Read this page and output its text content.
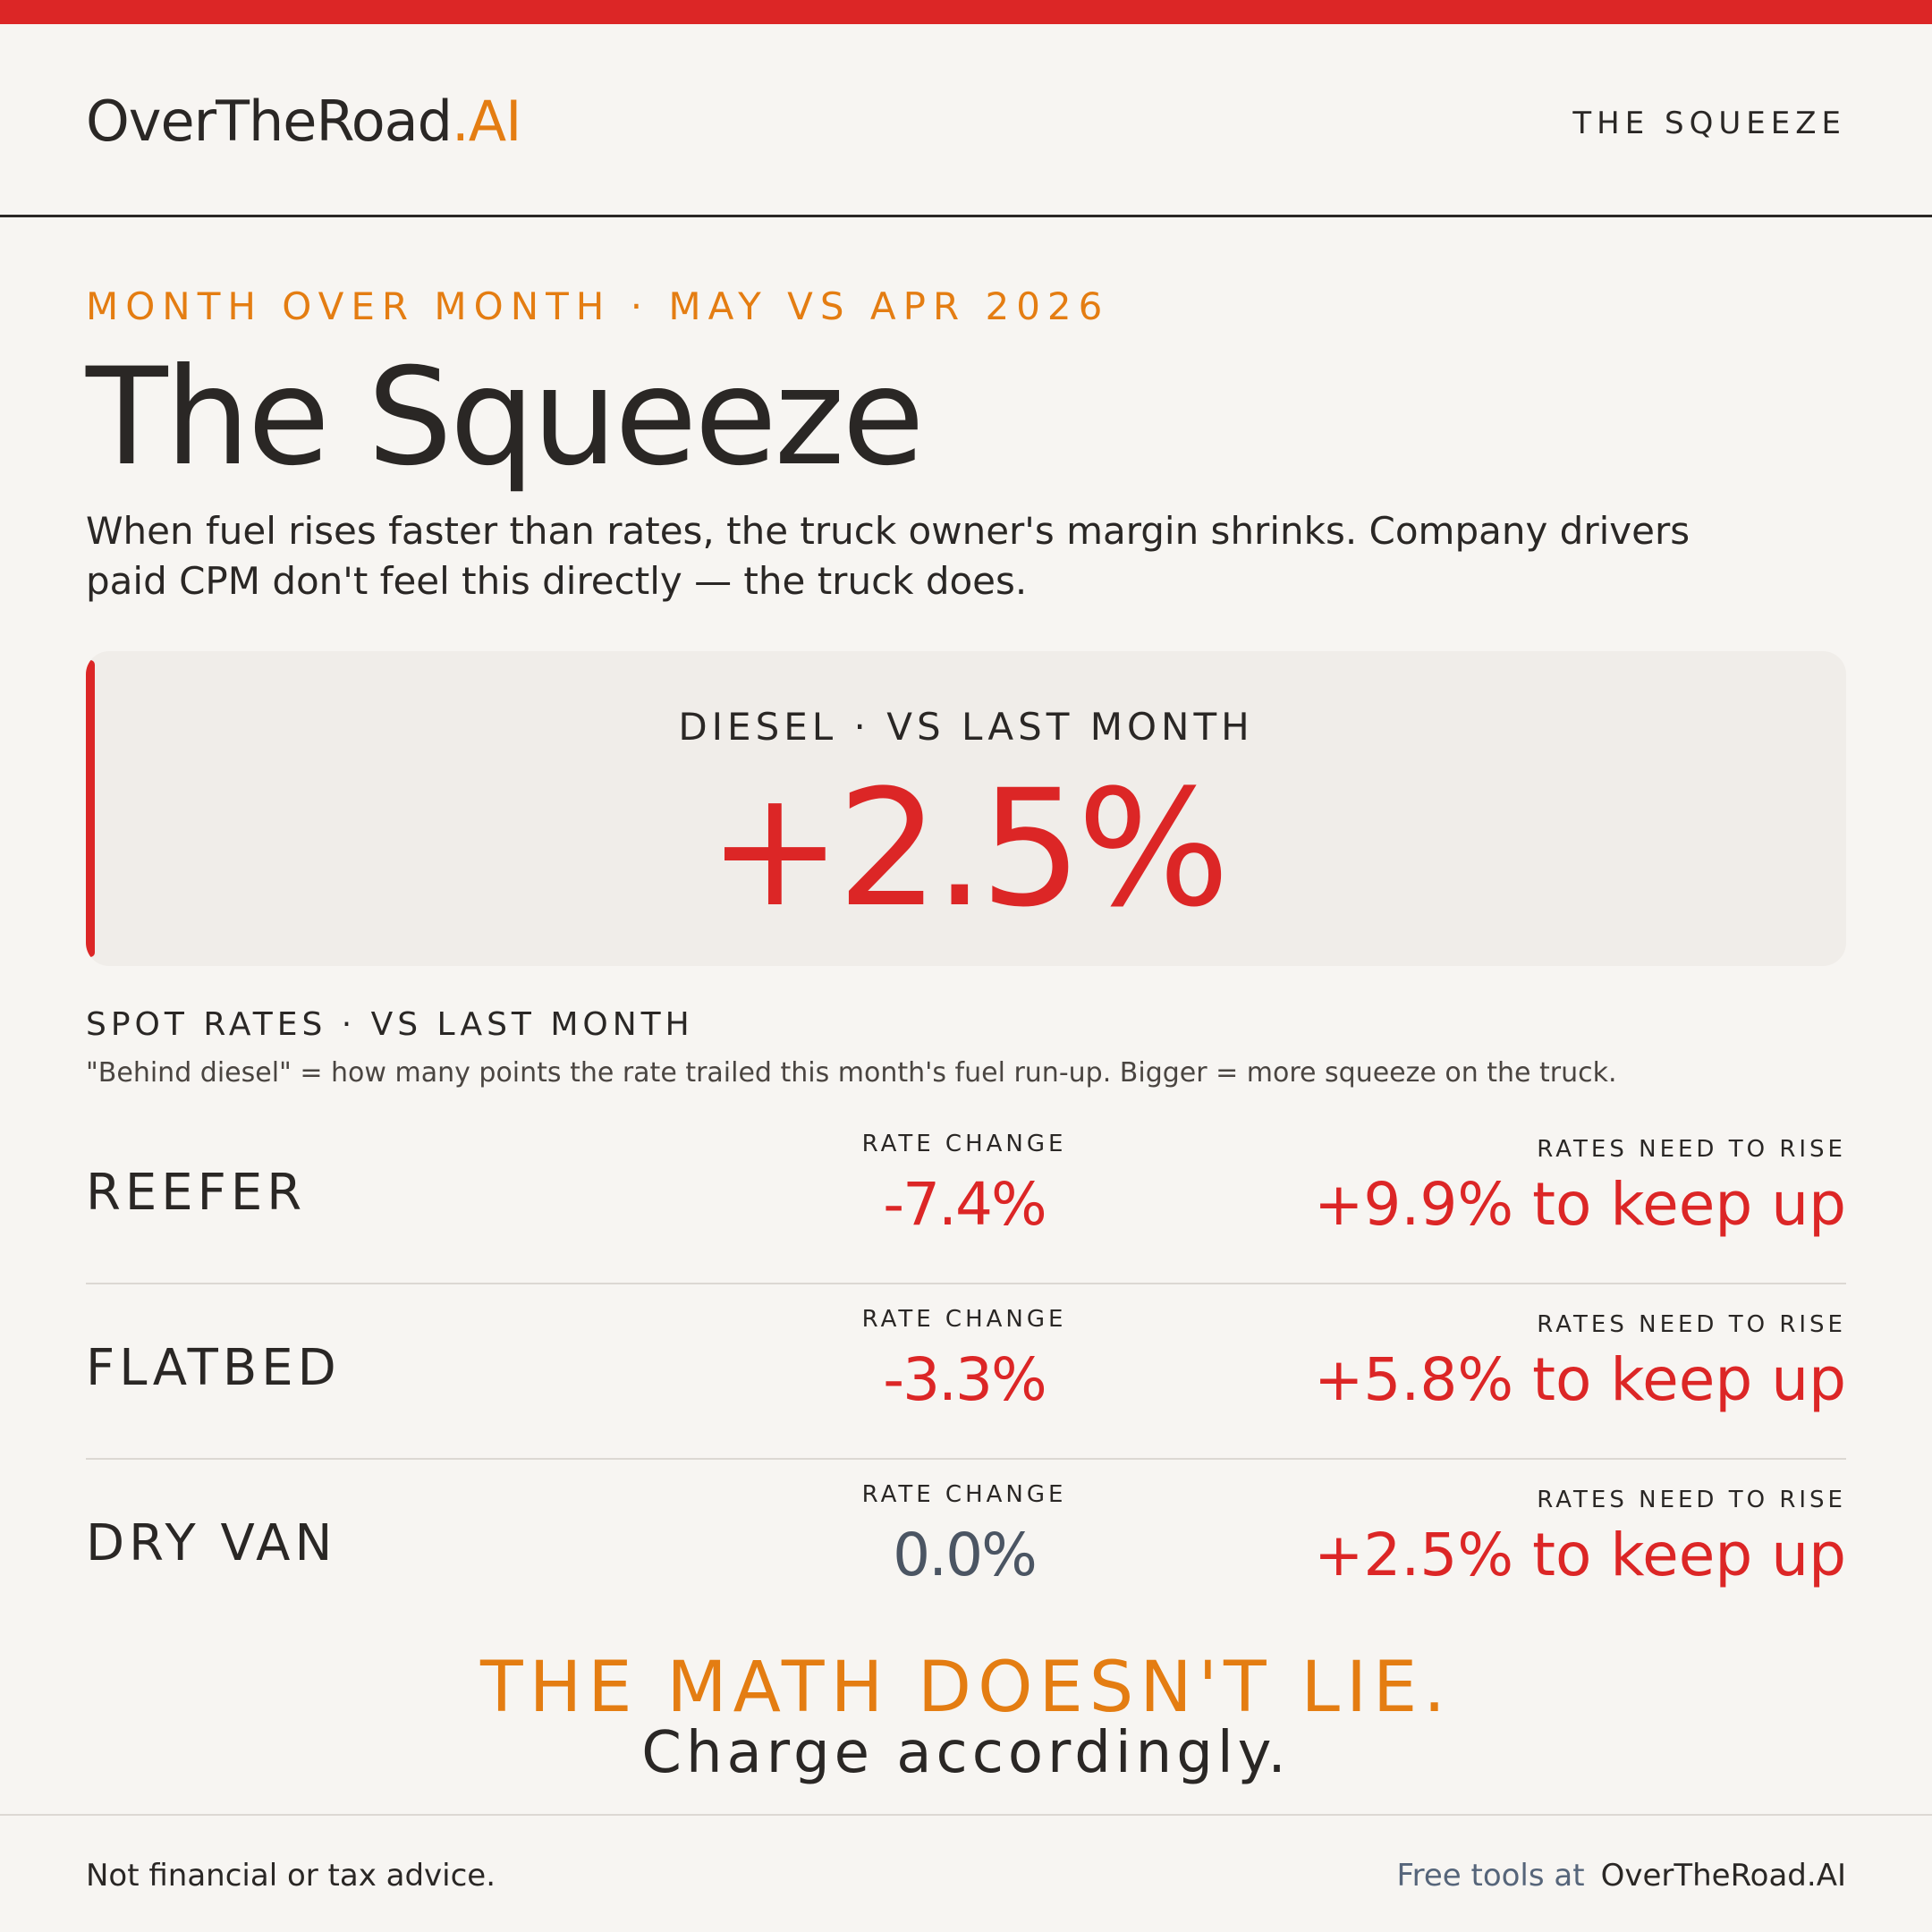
OverTheRoad.AI	THE SQUEEZE
MONTH OVER MONTH · MAY VS APR 2026
The Squeeze
When fuel rises faster than rates, the truck owner's margin shrinks. Company drivers paid CPM don't feel this directly — the truck does.
DIESEL · VS LAST MONTH
+2.5%
SPOT RATES · VS LAST MONTH
"Behind diesel" = how many points the rate trailed this month's fuel run-up. Bigger = more squeeze on the truck.
REEFER
RATE CHANGE
-7.4%
RATES NEED TO RISE
+9.9% to keep up
FLATBED
RATE CHANGE
-3.3%
RATES NEED TO RISE
+5.8% to keep up
DRY VAN
RATE CHANGE
0.0%
RATES NEED TO RISE
+2.5% to keep up
THE MATH DOESN'T LIE.
Charge accordingly.
Not financial or tax advice.	Free tools at OverTheRoad.AI
